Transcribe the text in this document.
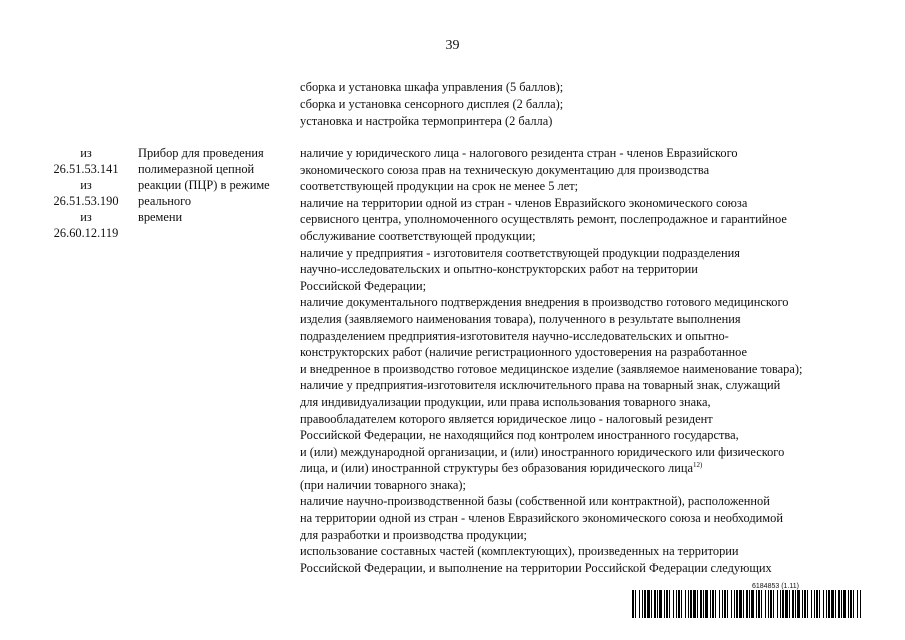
39
сборка и установка шкафа управления (5 баллов);
сборка и установка сенсорного дисплея (2 балла);
установка и настройка термопринтера (2 балла)
из
26.51.53.141
из
26.51.53.190
из
26.60.12.119
Прибор для проведения
полимеразной цепной
реакции (ПЦР) в режиме
реального
времени
наличие у юридического лица - налогового резидента стран - членов Евразийского
экономического союза прав на техническую документацию для производства
соответствующей продукции на срок не менее 5 лет;
наличие на территории одной из стран - членов Евразийского экономического союза
сервисного центра, уполномоченного осуществлять ремонт, послепродажное и гарантийное
обслуживание соответствующей продукции;
наличие у предприятия - изготовителя соответствующей продукции подразделения
научно-исследовательских и опытно-конструкторских работ на территории
Российской Федерации;
наличие документального подтверждения внедрения в производство готового медицинского
изделия (заявляемого наименования товара), полученного в результате выполнения
подразделением предприятия-изготовителя научно-исследовательских и опытно-
конструкторских работ (наличие регистрационного удостоверения на разработанное
и внедренное в производство готовое медицинское изделие (заявляемое наименование товара);
наличие у предприятия-изготовителя исключительного права на товарный знак, служащий
для индивидуализации продукции, или права использования товарного знака,
правообладателем которого является юридическое лицо - налоговый резидент
Российской Федерации, не находящийся под контролем иностранного государства,
и (или) международной организации, и (или) иностранного юридического или физического
лица, и (или) иностранной структуры без образования юридического лица$^{12)}$
(при наличии товарного знака);
наличие научно-производственной базы (собственной или контрактной), расположенной
на территории одной из стран - членов Евразийского экономического союза и необходимой
для разработки и производства продукции;
использование составных частей (комплектующих), произведенных на территории
Российской Федерации, и выполнение на территории Российской Федерации следующих
6184853 (1.11)
